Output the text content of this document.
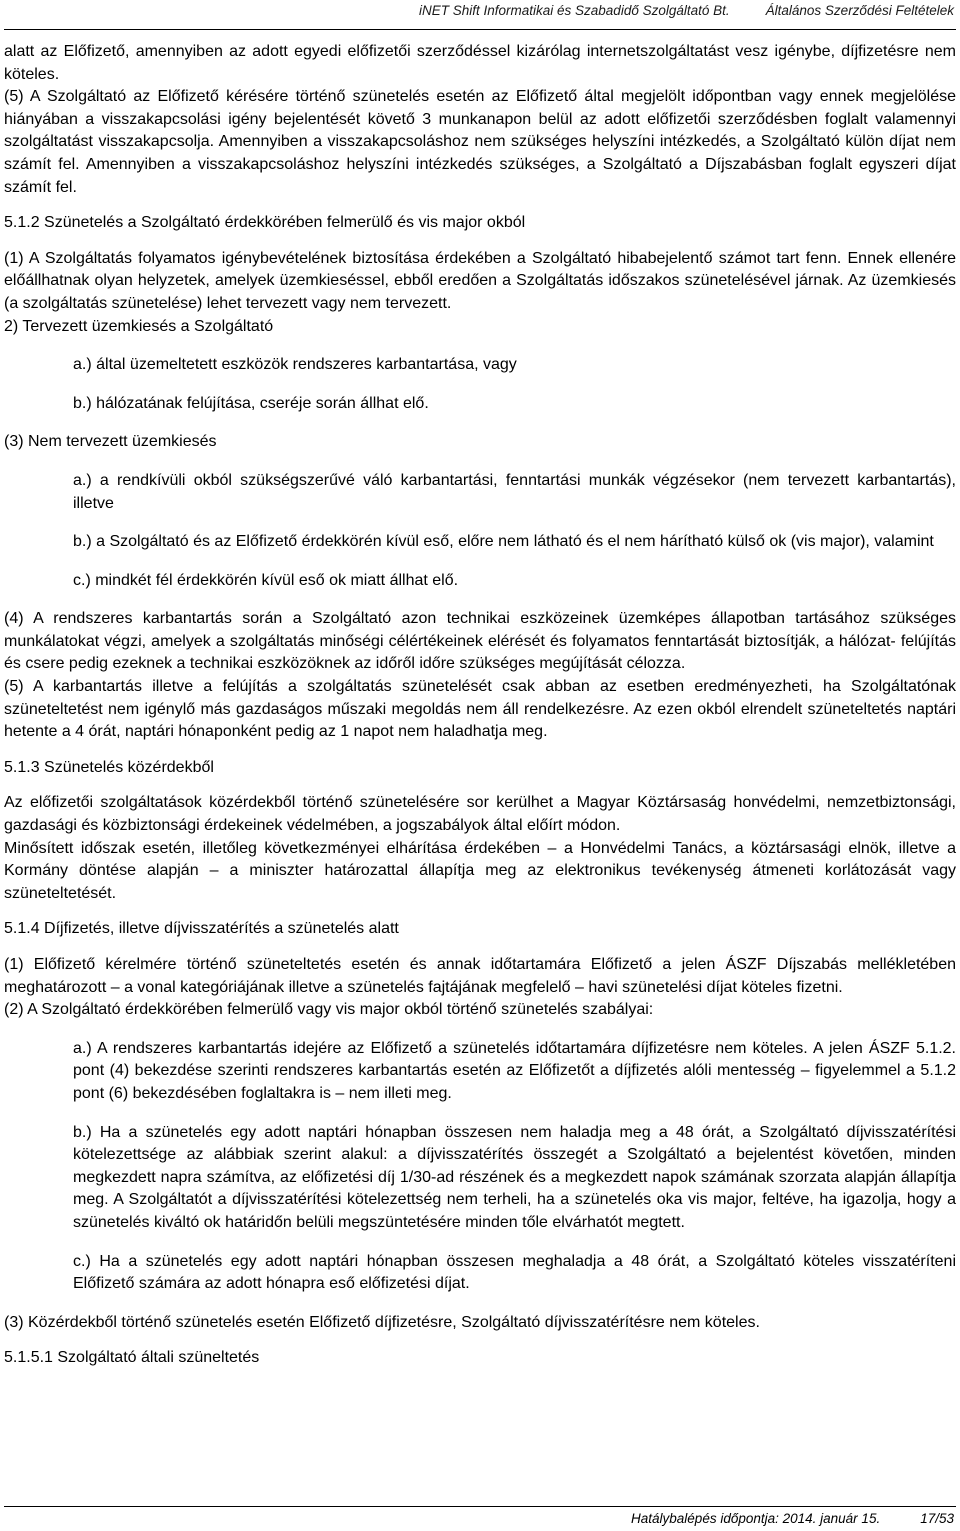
iNET Shift Informatikai és Szabadidő Szolgáltató Bt.	Általános Szerződési Feltételek

alatt az Előfizető, amennyiben az adott egyedi előfizetői szerződéssel kizárólag internetszolgáltatást vesz igénybe, díjfizetésre nem köteles.

(5) A Szolgáltató az Előfizető kérésére történő szünetelés esetén az Előfizető által megjelölt időpontban vagy ennek megjelölése hiányában a visszakapcsolási igény bejelentését követő 3 munkanapon belül az adott előfizetői szerződésben foglalt valamennyi szolgáltatást visszakapcsolja. Amennyiben a visszakapcsoláshoz nem szükséges helyszíni intézkedés, a Szolgáltató külön díjat nem számít fel. Amennyiben a visszakapcsoláshoz helyszíni intézkedés szükséges, a Szolgáltató a Díjszabásban foglalt egyszeri díjat számít fel.

5.1.2 Szünetelés a Szolgáltató érdekkörében felmerülő és vis major okból

(1) A Szolgáltatás folyamatos igénybevételének biztosítása érdekében a Szolgáltató hibabejelentő számot tart fenn. Ennek ellenére előállhatnak olyan helyzetek, amelyek üzemkieséssel, ebből eredően a Szolgáltatás időszakos szünetelésével járnak. Az üzemkiesés (a szolgáltatás szünetelése) lehet tervezett vagy nem tervezett.

2) Tervezett üzemkiesés a Szolgáltató

a.) által üzemeltetett eszközök rendszeres karbantartása, vagy

b.) hálózatának felújítása, cseréje során állhat elő.

(3) Nem tervezett üzemkiesés

a.) a rendkívüli okból szükségszerűvé váló karbantartási, fenntartási munkák végzésekor (nem tervezett karbantartás), illetve

b.) a Szolgáltató és az Előfizető érdekkörén kívül eső, előre nem látható és el nem hárítható külső ok (vis major), valamint

c.) mindkét fél érdekkörén kívül eső ok miatt állhat elő.

(4) A rendszeres karbantartás során a Szolgáltató azon technikai eszközeinek üzemképes állapotban tartásához szükséges munkálatokat végzi, amelyek a szolgáltatás minőségi célértékeinek elérését és folyamatos fenntartását biztosítják, a hálózat- felújítás és csere pedig ezeknek a technikai eszközöknek az időről időre szükséges megújítását célozza.

(5) A karbantartás illetve a felújítás a szolgáltatás szünetelését csak abban az esetben eredményezheti, ha Szolgáltatónak szüneteltetést nem igénylő más gazdaságos műszaki megoldás nem áll rendelkezésre. Az ezen okból elrendelt szüneteltetés naptári hetente a 4 órát, naptári hónaponként pedig az 1 napot nem haladhatja meg.

5.1.3 Szünetelés közérdekből

Az előfizetői szolgáltatások közérdekből történő szünetelésére sor kerülhet a Magyar Köztársaság honvédelmi, nemzetbiztonsági, gazdasági és közbiztonsági érdekeinek védelmében, a jogszabályok által előírt módon.

Minősített időszak esetén, illetőleg következményei elhárítása érdekében – a Honvédelmi Tanács, a köztársasági elnök, illetve a Kormány döntése alapján – a miniszter határozattal állapítja meg az elektronikus tevékenység átmeneti korlátozását vagy szüneteltetését.

5.1.4 Díjfizetés, illetve díjvisszatérítés a szünetelés alatt

(1) Előfizető kérelmére történő szüneteltetés esetén és annak időtartamára Előfizető a jelen ÁSZF Díjszabás mellékletében meghatározott – a vonal kategóriájának illetve a szünetelés fajtájának megfelelő – havi szünetelési díjat köteles fizetni.

(2) A Szolgáltató érdekkörében felmerülő vagy vis major okból történő szünetelés szabályai:

a.) A rendszeres karbantartás idejére az Előfizető a szünetelés időtartamára díjfizetésre nem köteles. A jelen ÁSZF 5.1.2. pont (4) bekezdése szerinti rendszeres karbantartás esetén az Előfizetőt a díjfizetés alóli mentesség – figyelemmel a 5.1.2 pont (6) bekezdésében foglaltakra is – nem illeti meg.

b.) Ha a szünetelés egy adott naptári hónapban összesen nem haladja meg a 48 órát, a Szolgáltató díjvisszatérítési kötelezettsége az alábbiak szerint alakul: a díjvisszatérítés összegét a Szolgáltató a bejelentést követően, minden megkezdett napra számítva, az előfizetési díj 1/30-ad részének és a megkezdett napok számának szorzata alapján állapítja meg. A Szolgáltatót a díjvisszatérítési kötelezettség nem terheli, ha a szünetelés oka vis major, feltéve, ha igazolja, hogy a szünetelés kiváltó ok határidőn belüli megszüntetésére minden tőle elvárhatót megtett.

c.) Ha a szünetelés egy adott naptári hónapban összesen meghaladja a 48 órát, a Szolgáltató köteles visszatéríteni Előfizető számára az adott hónapra eső előfizetési díjat.

(3) Közérdekből történő szünetelés esetén Előfizető díjfizetésre, Szolgáltató díjvisszatérítésre nem köteles.

5.1.5.1 Szolgáltató általi szüneltetés

Hatálybalépés időpontja: 2014. január 15.	17/53
